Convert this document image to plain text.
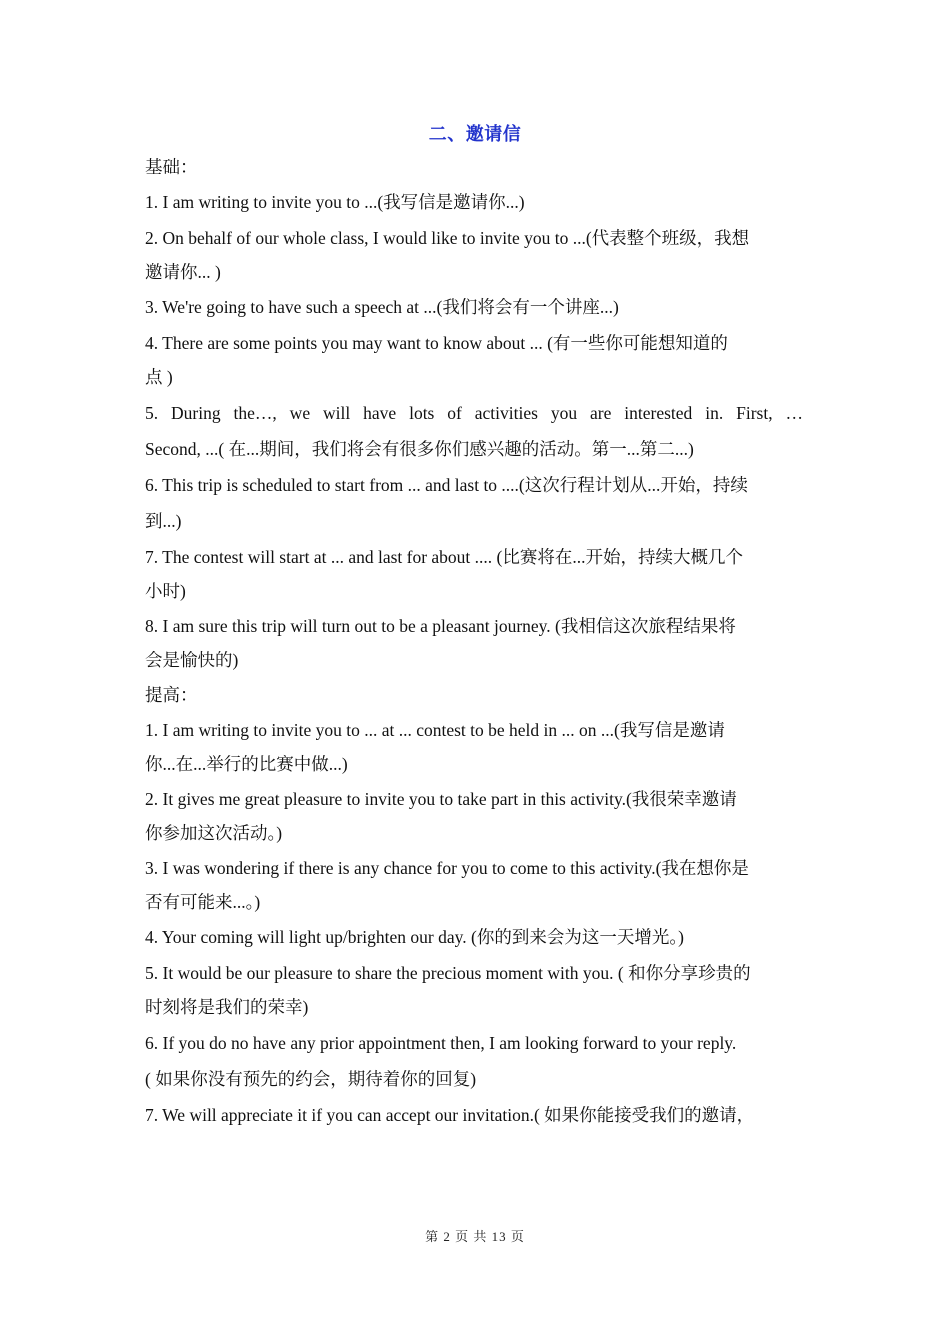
二、邀请信
基础：
1. I am writing to invite you to ...(我写信是邀请你...)
2. On behalf of our whole class, I would like to invite you to ...(代表整个班级，我想
邀请你... )
3. We're going to have such a speech at ...(我们将会有一个讲座...)
4. There are some points you may want to know about ... (有一些你可能想知道的
点 )
5. During the…, we will have lots of activities you are interested in. First, …
Second, ...( 在...期间，我们将会有很多你们感兴趣的活动。第一...第二...)
6. This trip is scheduled to start from ... and last to ....(这次行程计划从...开始，持续
到...)
7. The contest will start at ... and last for about .... (比赛将在...开始，持续大概几个
小时)
8. I am sure this trip will turn out to be a pleasant journey. (我相信这次旅程结果将
会是愉快的)
提高：
1. I am writing to invite you to ... at ... contest to be held in ... on ...(我写信是邀请
你...在...举行的比赛中做...)
2. It gives me great pleasure to invite you to take part in this activity.(我很荣幸邀请
你参加这次活动。)
3. I was wondering if there is any chance for you to come to this activity.(我在想你是
否有可能来...。)
4. Your coming will light up/brighten our day. (你的到来会为这一天增光。)
5. It would be our pleasure to share the precious moment with you. ( 和你分享珍贵的
时刻将是我们的荣幸)
6. If you do no have any prior appointment then, I am looking forward to your reply.
( 如果你没有预先的约会，期待着你的回复)
7. We will appreciate it if you can accept our invitation.( 如果你能接受我们的邀请，
第 2 页 共 13 页
